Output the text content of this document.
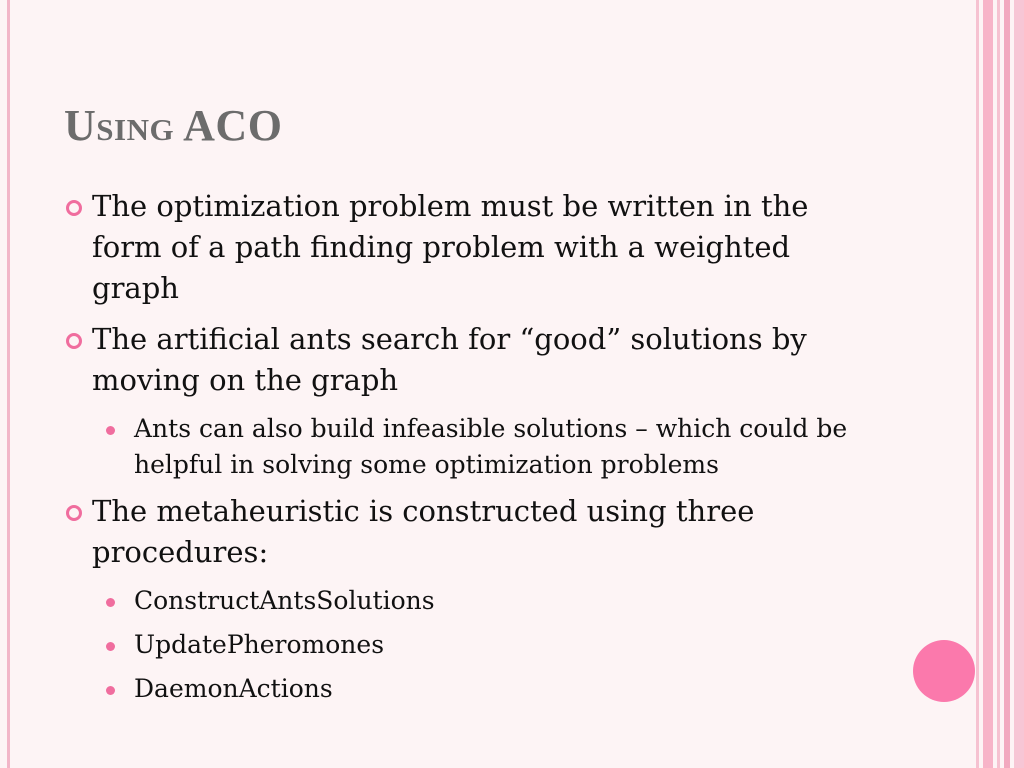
Using ACO
The optimization problem must be written in the form of a path finding problem with a weighted graph
The artificial ants search for “good” solutions by moving on the graph
Ants can also build infeasible solutions – which could be helpful in solving some optimization problems
The metaheuristic is constructed using three procedures:
ConstructAntsSolutions
UpdatePheromones
DaemonActions
